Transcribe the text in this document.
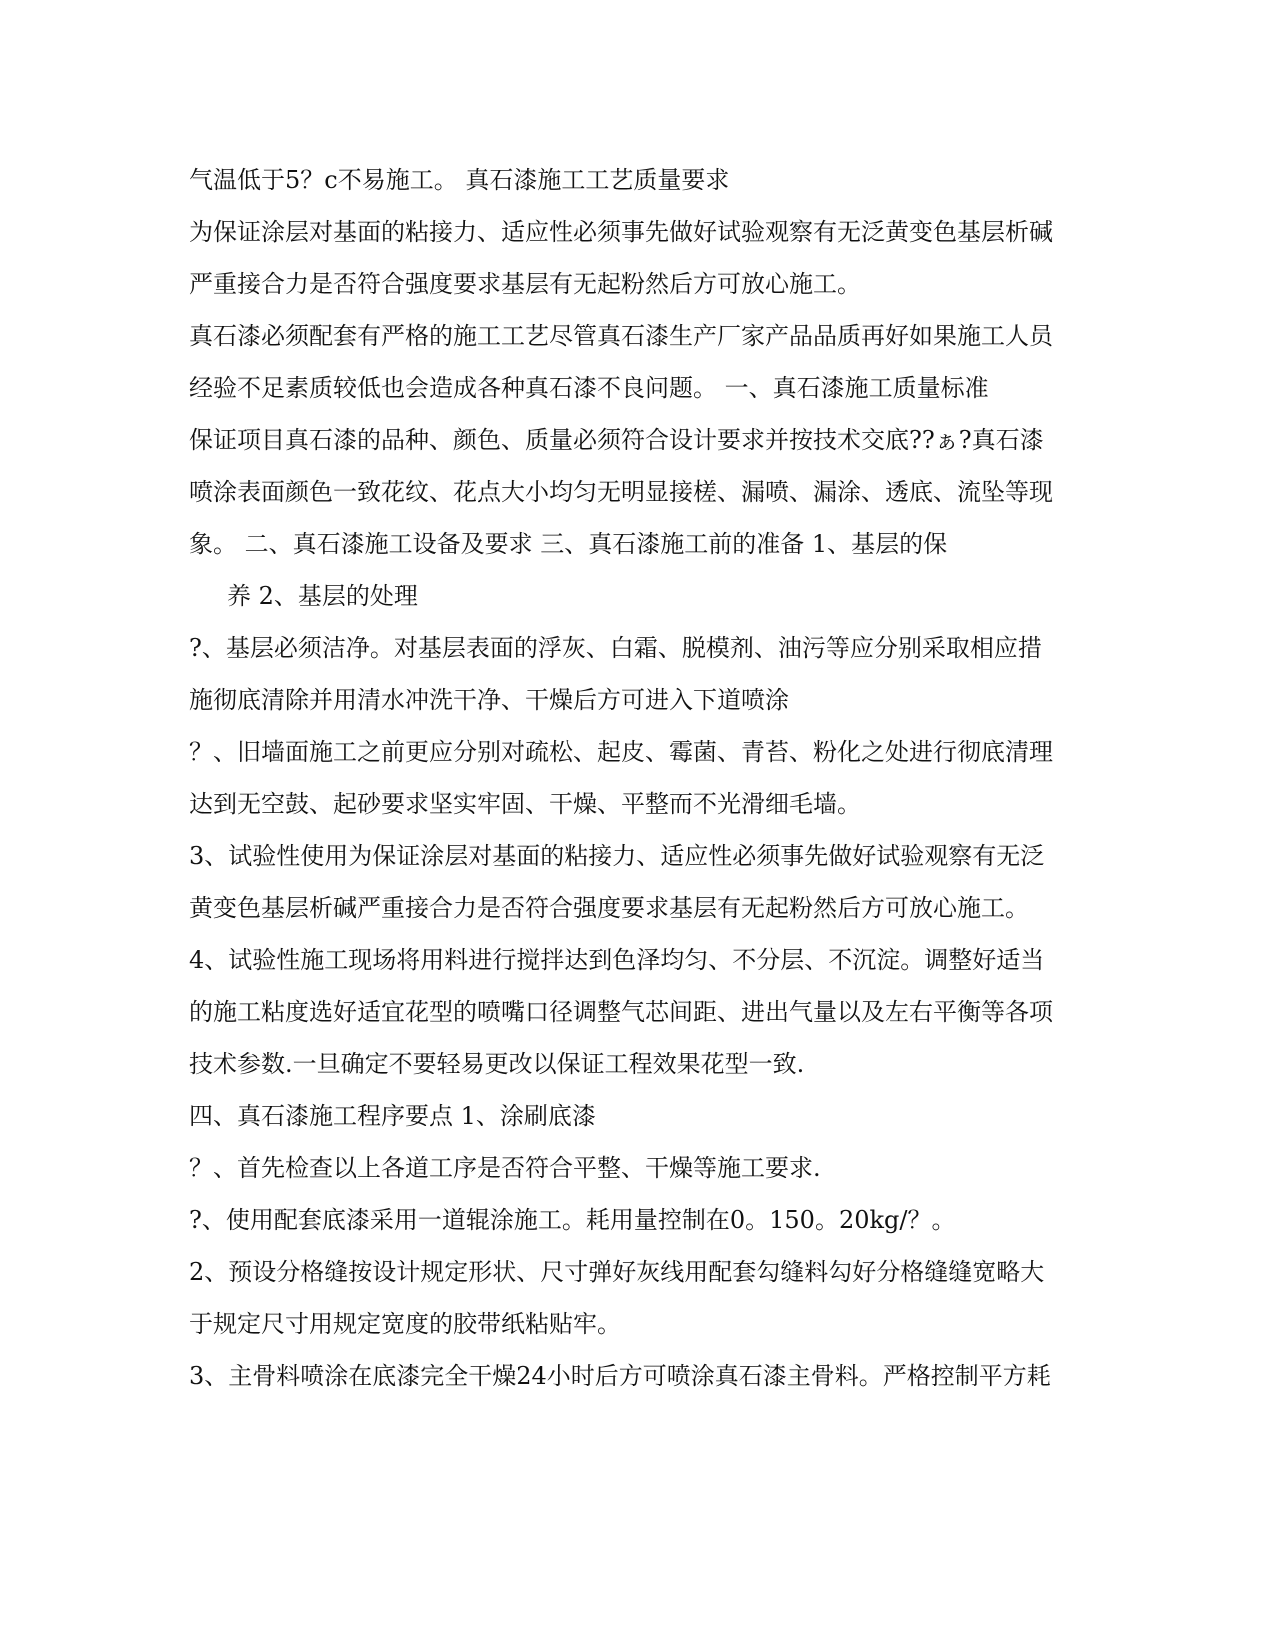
气温低于5？c不易施工。 真石漆施工工艺质量要求
为保证涂层对基面的粘接力、适应性必须事先做好试验观察有无泛黄变色基层析碱
严重接合力是否符合强度要求基层有无起粉然后方可放心施工。
真石漆必须配套有严格的施工工艺尽管真石漆生产厂家产品品质再好如果施工人员
经验不足素质较低也会造成各种真石漆不良问题。 一、真石漆施工质量标准
保证项目真石漆的品种、颜色、质量必须符合设计要求并按技术交底??ぁ?真石漆
喷涂表面颜色一致花纹、花点大小均匀无明显接槎、漏喷、漏涂、透底、流坠等现
象。 二、真石漆施工设备及要求 三、真石漆施工前的准备 1、基层的保
养 2、基层的处理
?、基层必须洁净。对基层表面的浮灰、白霜、脱模剂、油污等应分别采取相应措
施彻底清除并用清水冲洗干净、干燥后方可进入下道喷涂
？、旧墙面施工之前更应分别对疏松、起皮、霉菌、青苔、粉化之处进行彻底清理
达到无空鼓、起砂要求坚实牢固、干燥、平整而不光滑细毛墙。
3、试验性使用为保证涂层对基面的粘接力、适应性必须事先做好试验观察有无泛
黄变色基层析碱严重接合力是否符合强度要求基层有无起粉然后方可放心施工。
4、试验性施工现场将用料进行搅拌达到色泽均匀、不分层、不沉淀。调整好适当
的施工粘度选好适宜花型的喷嘴口径调整气芯间距、进出气量以及左右平衡等各项
技术参数.一旦确定不要轻易更改以保证工程效果花型一致.
四、真石漆施工程序要点 1、涂刷底漆
？、首先检查以上各道工序是否符合平整、干燥等施工要求.
?、使用配套底漆采用一道辊涂施工。耗用量控制在0。150。20kg/？。
2、预设分格缝按设计规定形状、尺寸弹好灰线用配套勾缝料勾好分格缝缝宽略大
于规定尺寸用规定宽度的胶带纸粘贴牢。
3、主骨料喷涂在底漆完全干燥24小时后方可喷涂真石漆主骨料。严格控制平方耗
